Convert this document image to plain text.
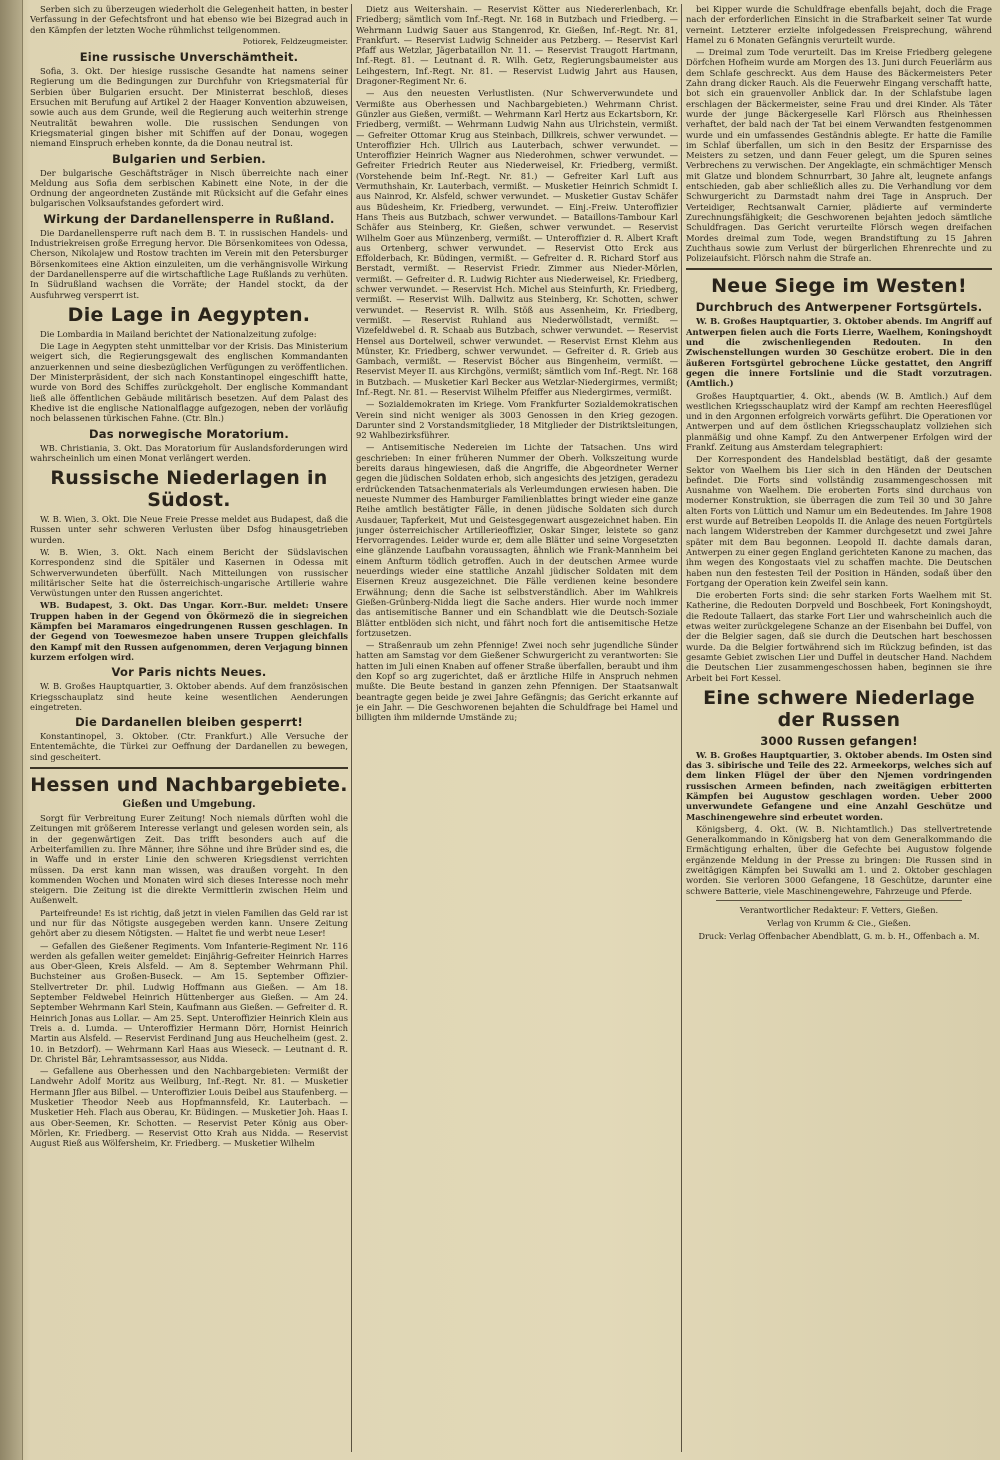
Serben sich zu überzeugen wiederholt die Gelegenheit hatten, in bester Verfassung in der Gefechtsfront und hat ebenso wie bei Bizegrad auch in den Kämpfen der letzten Woche rühmlichst teilgenommen.

Potiorek, Feldzeugmeister.
Eine russische Unverschämtheit.

Sofia, 3. Okt. Der hiesige russische Gesandte hat namens seiner Regierung um die Bedingungen zur Durchfuhr von Kriegsmaterial für Serbien über Bulgarien ersucht. Der Ministerrat beschloß, dieses Ersuchen mit Berufung auf Artikel 2 der Haager Konvention abzuweisen, sowie auch aus dem Grunde, weil die Regierung auch weiterhin strenge Neutralität bewahren wolle. Die russischen Sendungen von Kriegsmaterial gingen bisher mit Schiffen auf der Donau, wogegen niemand Einspruch erheben konnte, da die Donau neutral ist.

Bulgarien und Serbien.

Der bulgarische Geschäftsträger in Nisch überreichte nach einer Meldung aus Sofia dem serbischen Kabinett eine Note, in der die Ordnung der angeordneten Zustände mit Rücksicht auf die Gefahr eines bulgarischen Volksaufstandes gefordert wird.

Wirkung der Dardanellensperre in Rußland.

Die Dardanellensperre ruft nach dem B. T. in russischen Handels- und Industriekreisen große Erregung hervor. Die Börsenkomitees von Odessa, Cherson, Nikolajew und Rostow trachten im Verein mit den Petersburger Börsenkomitees eine Aktion einzuleiten, um die verhängnisvolle Wirkung der Dardanellensperre auf die wirtschaftliche Lage Rußlands zu verhüten. In Südrußland wachsen die Vorräte; der Handel stockt, da der Ausfuhrweg versperrt ist.

Die Lage in Aegypten.

Die Lombardia in Mailand berichtet der Nationalzeitung zufolge:

Die Lage in Aegypten steht unmittelbar vor der Krisis. Das Ministerium weigert sich, die Regierungsgewalt des englischen Kommandanten anzuerkennen und seine diesbezüglichen Verfügungen zu veröffentlichen. Der Ministerpräsident, der sich nach Konstantinopel eingeschifft hatte, wurde von Bord des Schiffes zurückgeholt. Der englische Kommandant ließ alle öffentlichen Gebäude militärisch besetzen. Auf dem Palast des Khedive ist die englische Nationalflagge aufgezogen, neben der vorläufig noch belassenen türkischen Fahne. (Ctr. Bln.)

Das norwegische Moratorium.

WB. Christiania, 3. Okt. Das Moratorium für Auslandsforderungen wird wahrscheinlich um einen Monat verlängert werden.

Russische Niederlagen in Südost.

W. B. Wien, 3. Okt. Die Neue Freie Presse meldet aus Budapest, daß die Russen unter sehr schweren Verlusten über Dsfog hinausgetrieben wurden.

W. B. Wien, 3. Okt. Nach einem Bericht der Südslavischen Korrespondenz sind die Spitäler und Kasernen in Odessa mit Schwerverwundeten überfüllt. Nach Mitteilungen von russischer militärischer Seite hat die österreichisch-ungarische Artillerie wahre Verwüstungen unter den Russen angerichtet.

WB. Budapest, 3. Okt. Das Ungar. Korr.-Bur. meldet: Unsere Truppen haben in der Gegend von Ökörmezö die in siegreichen Kämpfen bei Maramaros eingedrungenen Russen geschlagen. In der Gegend von Toewesmezoe haben unsere Truppen gleichfalls den Kampf mit den Russen aufgenommen, deren Verjagung binnen kurzem erfolgen wird.

Vor Paris nichts Neues.

W. B. Großes Hauptquartier, 3. Oktober abends. Auf dem französischen Kriegsschauplatz sind heute keine wesentlichen Aenderungen eingetreten.

Die Dardanellen bleiben gesperrt!

Konstantinopel, 3. Oktober. (Ctr. Frankfurt.) Alle Versuche der Ententemächte, die Türkei zur Oeffnung der Dardanellen zu bewegen, sind gescheitert.

Hessen und Nachbargebiete.
Gießen und Umgebung.

Sorgt für Verbreitung Eurer Zeitung! Noch niemals dürften wohl die Zeitungen mit größerem Interesse verlangt und gelesen worden sein, als in der gegenwärtigen Zeit. Das trifft besonders auch auf die Arbeiterfamilien zu. Ihre Männer, ihre Söhne und ihre Brüder sind es, die in Waffe und in erster Linie den schweren Kriegsdienst verrichten müssen. Da erst kann man wissen, was draußen vorgeht. In den kommenden Wochen und Monaten wird sich dieses Interesse noch mehr steigern. Die Zeitung ist die direkte Vermittlerin zwischen Heim und Außenwelt.

Parteifreunde! Es ist richtig, daß jetzt in vielen Familien das Geld rar ist und nur für das Nötigste ausgegeben werden kann. Unsere Zeitung gehört aber zu diesem Nötigsten. — Haltet fie und werbt neue Leser!

— Gefallen des Gießener Regiments. Vom Infanterie-Regiment Nr. 116 werden als gefallen weiter gemeldet: Einjährig-Gefreiter Heinrich Harres aus Ober-Gleen, Kreis Alsfeld. — Am 8. September Wehrmann Phil. Buchsteiner aus Großen-Buseck. — Am 15. September Offizier-Stellvertreter Dr. phil. Ludwig Hoffmann aus Gießen. — Am 18. September Feldwebel Heinrich Hüttenberger aus Gießen. — Am 24. September Wehrmann Karl Stein, Kaufmann aus Gießen. — Gefreiter d. R. Heinrich Jonas aus Lollar. — Am 25. Sept. Unteroffizier Heinrich Klein aus Treis a. d. Lumda. — Unteroffizier Hermann Dörr, Hornist Heinrich Martin aus Alsfeld. — Reservist Ferdinand Jung aus Heuchelheim (gest. 2. 10. in Betzdorf). — Wehrmann Karl Haas aus Wieseck. — Leutnant d. R. Dr. Christel Bär, Lehramtsassessor, aus Nidda.

— Gefallene aus Oberhessen und den Nachbargebieten: Vermißt der Landwehr Adolf Moritz aus Weilburg, Inf.-Regt. Nr. 81. — Musketier Hermann Jfler aus Bilbel. — Unteroffizier Louis Deibel aus Staufenberg. — Musketier Theodor Neeb aus Hopfmannsfeld, Kr. Lauterbach. — Musketier Heh. Flach aus Oberau, Kr. Büdingen. — Musketier Joh. Haas I. aus Ober-Seemen, Kr. Schotten. — Reservist Peter König aus Ober-Mörlen, Kr. Friedberg. — Reservist Otto Krah aus Nidda. — Reservist August Rieß aus Wölfersheim, Kr. Friedberg. — Musketier Wilhelm

Dietz aus Weitershain. — Reservist Kötter aus Niedererlenbach, Kr. Friedberg; sämtlich vom Inf.-Regt. Nr. 168 in Butzbach und Friedberg. — Wehrmann Ludwig Sauer aus Stangenrod, Kr. Gießen, Inf.-Regt. Nr. 81, Frankfurt. — Reservist Ludwig Schneider aus Petzberg. — Reservist Karl Pfaff aus Wetzlar, Jägerbataillon Nr. 11. — Reservist Traugott Hartmann, Inf.-Regt. 81. — Leutnant d. R. Wilh. Getz, Regierungsbaumeister aus Leihgestern, Inf.-Regt. Nr. 81. — Reservist Ludwig Jahrt aus Hausen, Dragoner-Regiment Nr. 6.

— Aus den neuesten Verlustlisten. (Nur Schwerverwundete und Vermißte aus Oberhessen und Nachbargebieten.) Wehrmann Christ. Günzler aus Gießen, vermißt. — Wehrmann Karl Hertz aus Eckartsborn, Kr. Friedberg, vermißt. — Wehrmann Ludwig Nahn aus Ulrichstein, vermißt. — Gefreiter Ottomar Krug aus Steinbach, Dillkreis, schwer verwundet. — Unteroffizier Hch. Ullrich aus Lauterbach, schwer verwundet. — Unteroffizier Heinrich Wagner aus Niederohmen, schwer verwundet. — Gefreiter Friedrich Reuter aus Niederweisel, Kr. Friedberg, vermißt. (Vorstehende beim Inf.-Regt. Nr. 81.) — Gefreiter Karl Luft aus Vermuthshain, Kr. Lauterbach, vermißt. — Musketier Heinrich Schmidt I. aus Nainrod, Kr. Alsfeld, schwer verwundet. — Musketier Gustav Schäfer aus Büdesheim, Kr. Friedberg, verwundet. — Einj.-Freiw. Unteroffizier Hans Theis aus Butzbach, schwer verwundet. — Bataillons-Tambour Karl Schäfer aus Steinberg, Kr. Gießen, schwer verwundet. — Reservist Wilhelm Goer aus Münzenberg, vermißt. — Unteroffizier d. R. Albert Kraft aus Ortenberg, schwer verwundet. — Reservist Otto Erck aus Effolderbach, Kr. Büdingen, vermißt. — Gefreiter d. R. Richard Storf aus Berstadt, vermißt. — Reservist Friedr. Zimmer aus Nieder-Mörlen, vermißt. — Gefreiter d. R. Ludwig Richter aus Niederweisel, Kr. Friedberg, schwer verwundet. — Reservist Hch. Michel aus Steinfurth, Kr. Friedberg, vermißt. — Reservist Wilh. Dallwitz aus Steinberg, Kr. Schotten, schwer verwundet. — Reservist R. Wilh. Stöß aus Assenheim, Kr. Friedberg, vermißt. — Reservist Ruhland aus Niederwöllstadt, vermißt. — Vizefeldwebel d. R. Schaab aus Butzbach, schwer verwundet. — Reservist Hensel aus Dortelweil, schwer verwundet. — Reservist Ernst Klehm aus Münster, Kr. Friedberg, schwer verwundet. — Gefreiter d. R. Grieb aus Gambach, vermißt. — Reservist Böcher aus Bingenheim, vermißt. — Reservist Meyer II. aus Kirchgöns, vermißt; sämtlich vom Inf.-Regt. Nr. 168 in Butzbach. — Musketier Karl Becker aus Wetzlar-Niedergirmes, vermißt; Inf.-Regt. Nr. 81. — Reservist Wilhelm Pfeiffer aus Niedergirmes, vermißt.

— Sozialdemokraten im Kriege. Vom Frankfurter Sozialdemokratischen Verein sind nicht weniger als 3003 Genossen in den Krieg gezogen. Darunter sind 2 Vorstandsmitglieder, 18 Mitglieder der Distriktsleitungen, 92 Wahlbezirksführer.

— Antisemitische Nedereien im Lichte der Tatsachen. Uns wird geschrieben: In einer früheren Nummer der Oberh. Volkszeitung wurde bereits daraus hingewiesen, daß die Angriffe, die Abgeordneter Werner gegen die jüdischen Soldaten erhob, sich angesichts des jetzigen, geradezu erdrückenden Tatsachenmaterials als Verleumdungen erwiesen haben. Die neueste Nummer des Hamburger Familienblattes bringt wieder eine ganze Reihe amtlich bestätigter Fälle, in denen jüdische Soldaten sich durch Ausdauer, Tapferkeit, Mut und Geistesgegenwart ausgezeichnet haben. Ein junger österreichischer Artillerieoffizier, Oskar Singer, leistete so ganz Hervorragendes. Leider wurde er, dem alle Blätter und seine Vorgesetzten eine glänzende Laufbahn voraussagten, ähnlich wie Frank-Mannheim bei einem Anfturm tödlich getroffen. Auch in der deutschen Armee wurde neuerdings wieder eine stattliche Anzahl jüdischer Soldaten mit dem Eisernen Kreuz ausgezeichnet. Die Fälle verdienen keine besondere Erwähnung; denn die Sache ist selbstverständlich. Aber im Wahlkreis Gießen-Grünberg-Nidda liegt die Sache anders. Hier wurde noch immer das antisemitische Banner und ein Schandblatt wie die Deutsch-Soziale Blätter entblöden sich nicht, und fährt noch fort die antisemitische Hetze fortzusetzen.

— Straßenraub um zehn Pfennige! Zwei noch sehr jugendliche Sünder hatten am Samstag vor dem Gießener Schwurgericht zu verantworten: Sie hatten im Juli einen Knaben auf offener Straße überfallen, beraubt und ihm den Kopf so arg zugerichtet, daß er ärztliche Hilfe in Anspruch nehmen mußte. Die Beute bestand in ganzen zehn Pfennigen. Der Staatsanwalt beantragte gegen beide je zwei Jahre Gefängnis; das Gericht erkannte auf je ein Jahr. — Die Geschworenen bejahten die Schuldfrage bei Hamel und billigten ihm mildernde Umstände zu;

bei Kipper wurde die Schuldfrage ebenfalls bejaht, doch die Frage nach der erforderlichen Einsicht in die Strafbarkeit seiner Tat wurde verneint. Letzterer erzielte infolgedessen Freisprechung, während Hamel zu 6 Monaten Gefängnis verurteilt wurde.

— Dreimal zum Tode verurteilt. Das im Kreise Friedberg gelegene Dörfchen Hofheim wurde am Morgen des 13. Juni durch Feuerlärm aus dem Schlafe geschreckt. Aus dem Hause des Bäckermeisters Peter Zahn drang dicker Rauch. Als die Feuerwehr Eingang verschafft hatte, bot sich ein grauenvoller Anblick dar. In der Schlafstube lagen erschlagen der Bäckermeister, seine Frau und drei Kinder. Als Täter wurde der junge Bäckergeselle Karl Flörsch aus Rheinhessen verhaftet, der bald nach der Tat bei einem Verwandten festgenommen wurde und ein umfassendes Geständnis ablegte. Er hatte die Familie im Schlaf überfallen, um sich in den Besitz der Ersparnisse des Meisters zu setzen, und dann Feuer gelegt, um die Spuren seines Verbrechens zu verwischen. Der Angeklagte, ein schmächtiger Mensch mit Glatze und blondem Schnurrbart, 30 Jahre alt, leugnete anfangs entschieden, gab aber schließlich alles zu. Die Verhandlung vor dem Schwurgericht zu Darmstadt nahm drei Tage in Anspruch. Der Verteidiger, Rechtsanwalt Carnier, plädierte auf verminderte Zurechnungsfähigkeit; die Geschworenen bejahten jedoch sämtliche Schuldfragen. Das Gericht verurteilte Flörsch wegen dreifachen Mordes dreimal zum Tode, wegen Brandstiftung zu 15 Jahren Zuchthaus sowie zum Verlust der bürgerlichen Ehrenrechte und zu Polizeiaufsicht. Flörsch nahm die Strafe an.

Neue Siege im Westen!
Durchbruch des Antwerpener Fortsgürtels.

W. B. Großes Hauptquartier, 3. Oktober abends. Im Angriff auf Antwerpen fielen auch die Forts Lierre, Waelhem, Koningshoydt und die zwischenliegenden Redouten. In den Zwischenstellungen wurden 30 Geschütze erobert. Die in den äußeren Fortsgürtel gebrochene Lücke gestattet, den Angriff gegen die innere Fortslinie und die Stadt vorzutragen. (Amtlich.)

Großes Hauptquartier, 4. Okt., abends (W. B. Amtlich.) Auf dem westlichen Kriegsschauplatz wird der Kampf am rechten Heeresflügel und in den Argonnen erfolgreich vorwärts geführt. Die Operationen vor Antwerpen und auf dem östlichen Kriegsschauplatz vollziehen sich planmäßig und ohne Kampf. Zu den Antwerpener Erfolgen wird der Frankf. Zeitung aus Amsterdam telegraphiert:

Der Korrespondent des Handelsblad bestätigt, daß der gesamte Sektor von Waelhem bis Lier sich in den Händen der Deutschen befindet. Die Forts sind vollständig zusammengeschossen mit Ausnahme von Waelhem. Die eroberten Forts sind durchaus von moderner Konstruktion, sie überragen die zum Teil 30 und 30 Jahre alten Forts von Lüttich und Namur um ein Bedeutendes. Im Jahre 1908 erst wurde auf Betreiben Leopolds II. die Anlage des neuen Fortgürtels nach langem Widerstreben der Kammer durchgesetzt und zwei Jahre später mit dem Bau begonnen. Leopold II. dachte damals daran, Antwerpen zu einer gegen England gerichteten Kanone zu machen, das ihm wegen des Kongostaats viel zu schaffen machte. Die Deutschen haben nun den festesten Teil der Position in Händen, sodaß über den Fortgang der Operation kein Zweifel sein kann.

Die eroberten Forts sind: die sehr starken Forts Waelhem mit St. Katherine, die Redouten Dorpveld und Boschbeek, Fort Koningshoydt, die Redoute Tallaert, das starke Fort Lier und wahrscheinlich auch die etwas weiter zurückgelegene Schanze an der Eisenbahn bei Duffel, von der die Belgier sagen, daß sie durch die Deutschen hart beschossen wurde. Da die Belgier fortwährend sich im Rückzug befinden, ist das gesamte Gebiet zwischen Lier und Duffel in deutscher Hand. Nachdem die Deutschen Lier zusammengeschossen haben, beginnen sie ihre Arbeit bei Fort Kessel.

Eine schwere Niederlage der Russen
3000 Russen gefangen!

W. B. Großes Hauptquartier, 3. Oktober abends. Im Osten sind das 3. sibirische und Teile des 22. Armeekorps, welches sich auf dem linken Flügel der über den Njemen vordringenden russischen Armeen befinden, nach zweitägigen erbitterten Kämpfen bei Augustow geschlagen worden. Ueber 2000 unverwundete Gefangene und eine Anzahl Geschütze und Maschinengewehre sind erbeutet worden.

Königsberg, 4. Okt. (W. B. Nichtamtlich.) Das stellvertretende Generalkommando in Königsberg hat von dem Generalkommando die Ermächtigung erhalten, über die Gefechte bei Augustow folgende ergänzende Meldung in der Presse zu bringen: Die Russen sind in zweitägigen Kämpfen bei Suwalki am 1. und 2. Oktober geschlagen worden. Sie verloren 3000 Gefangene, 18 Geschütze, darunter eine schwere Batterie, viele Maschinengewehre, Fahrzeuge und Pferde.

Verantwortlicher Redakteur: F. Vetters, Gießen.
Verlag von Krumm & Cie., Gießen.
Druck: Verlag Offenbacher Abendblatt, G. m. b. H., Offenbach a. M.
